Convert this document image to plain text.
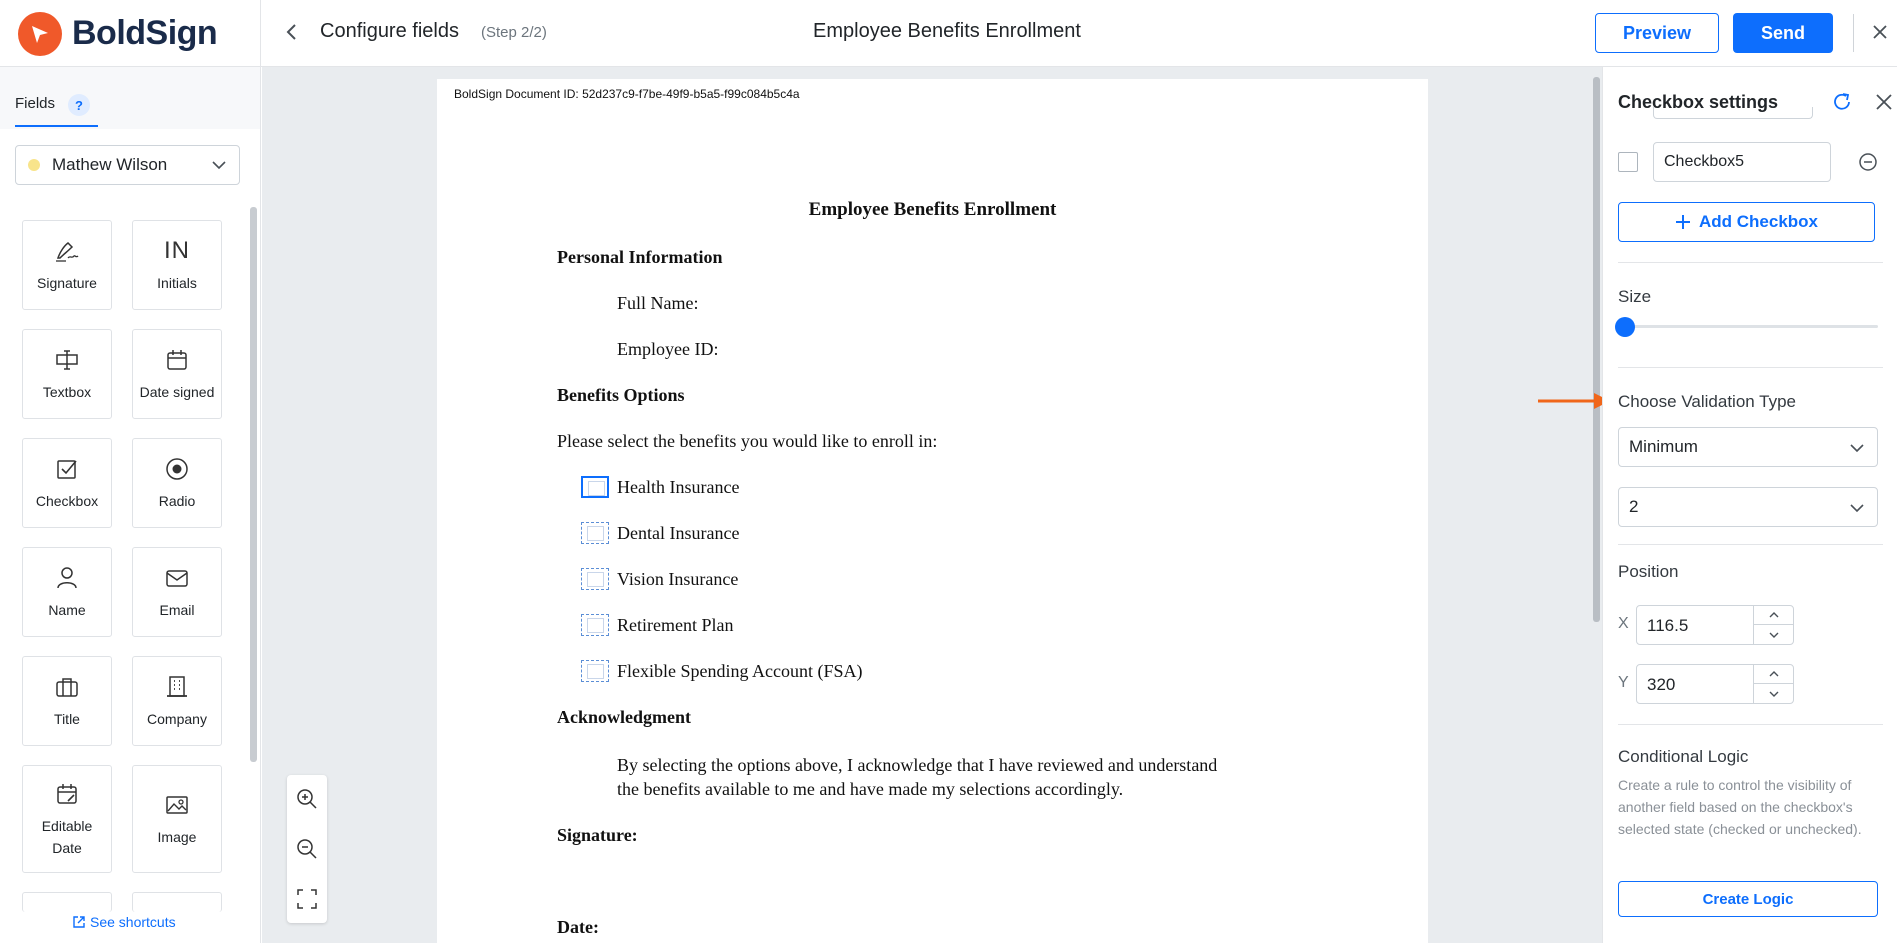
BoldSign	Configure fields (Step 2/2)	Employee Benefits Enrollment	Preview	Send
Fields	?
Mathew Wilson
Signature
IN
Initials
Textbox	Date signed
Checkbox	Radio
Name	Email
Title	Company
Editable
Date
Image
See shortcuts
BoldSign Document ID: 52d237c9-f7be-49f9-b5a5-f99c084b5c4a
Employee Benefits Enrollment
Personal Information
Full Name:
Employee ID:
Benefits Options
Please select the benefits you would like to enroll in:
Health Insurance
Dental Insurance
Vision Insurance
Retirement Plan
Flexible Spending Account (FSA)
Acknowledgment
By selecting the options above, I acknowledge that I have reviewed and understand
the benefits available to me and have made my selections accordingly.
Signature:
Date:
Checkbox settings
Checkbox5
Add Checkbox
Size
Choose Validation Type
Minimum
2
Position
X 116.5
Y 320
Conditional Logic
Create a rule to control the visibility of another field based on the checkbox's selected state (checked or unchecked).
Create Logic
